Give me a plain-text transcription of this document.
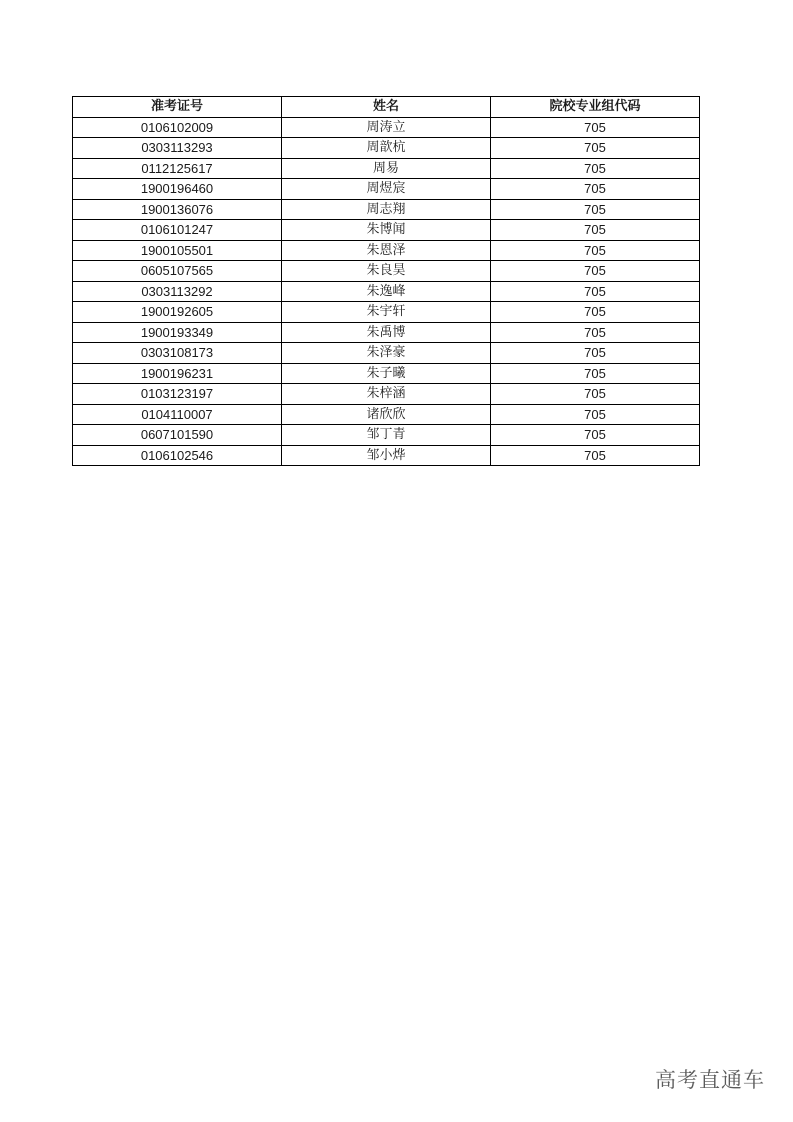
准考证号	姓名	院校专业组代码
0106102009	周涛立	705
0303113293	周歆杭	705
0112125617	周易	705
1900196460	周煜宸	705
1900136076	周志翔	705
0106101247	朱博闻	705
1900105501	朱恩泽	705
0605107565	朱良昊	705
0303113292	朱逸峰	705
1900192605	朱宇轩	705
1900193349	朱禹博	705
0303108173	朱泽豪	705
1900196231	朱子曦	705
0103123197	朱梓涵	705
0104110007	诸欣欣	705
0607101590	邹丁青	705
0106102546	邹小烨	705
高考直通车
